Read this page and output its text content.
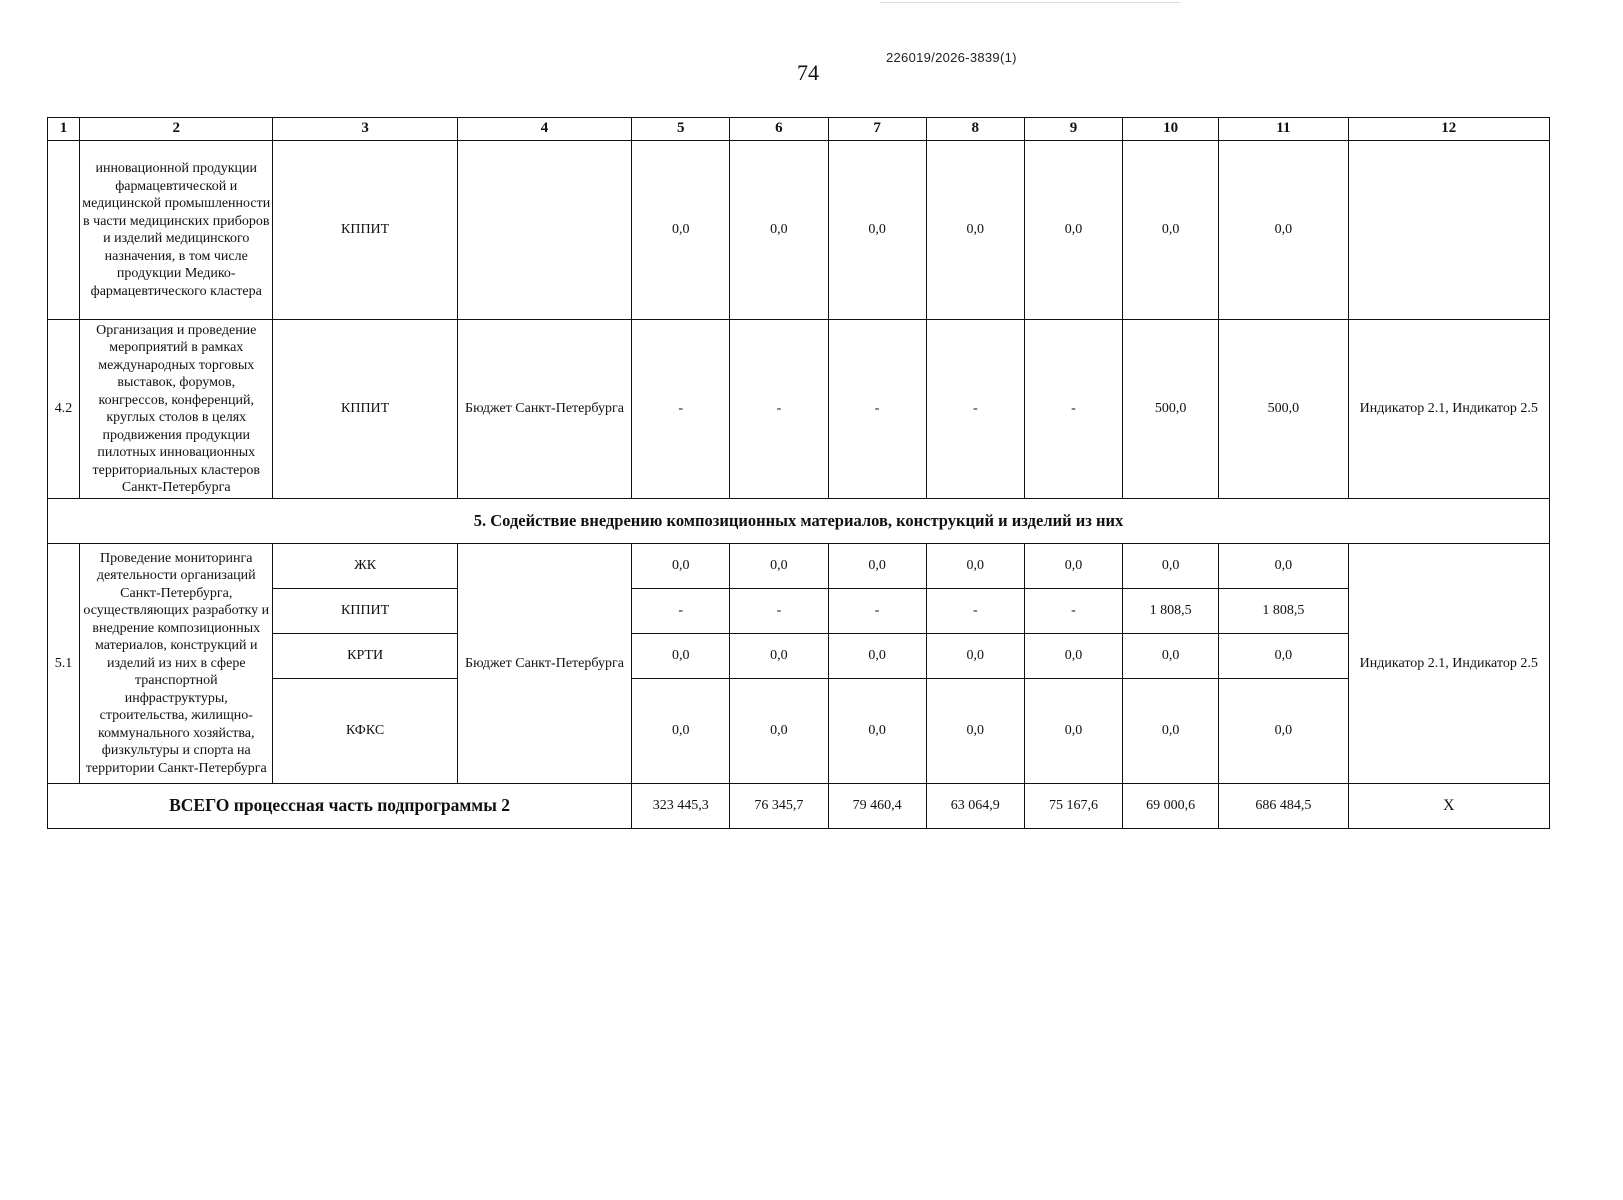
74
226019/2026-3839(1)
1	2	3	4	5	6	7	8	9	10	11	12
	инновационной продукции фармацевтической и медицинской промышленности в части медицинских приборов и изделий медицинского назначения, в том числе продукции Медико-фармацевтического кластера	КППИТ		0,0	0,0	0,0	0,0	0,0	0,0	0,0	
4.2	Организация и проведение мероприятий в рамках международных торговых выставок, форумов, конгрессов, конференций, круглых столов в целях продвижения продукции пилотных инновационных территориальных кластеров Санкт-Петербурга	КППИТ	Бюджет Санкт-Петербурга	-	-	-	-	-	500,0	500,0	Индикатор 2.1, Индикатор 2.5
5. Содействие внедрению композиционных материалов, конструкций и изделий из них											
5.1	Проведение мониторинга деятельности организаций Санкт-Петербурга, осуществляющих разработку и внедрение композиционных материалов, конструкций и изделий из них в сфере транспортной инфраструктуры, строительства, жилищно-коммунального хозяйства, физкультуры и спорта на территории Санкт-Петербурга	ЖК	Бюджет Санкт-Петербурга	0,0	0,0	0,0	0,0	0,0	0,0	0,0	Индикатор 2.1, Индикатор 2.5
		КППИТ		-	-	-	-	-	1 808,5	1 808,5	
		КРТИ		0,0	0,0	0,0	0,0	0,0	0,0	0,0	
		КФКС		0,0	0,0	0,0	0,0	0,0	0,0	0,0	
ВСЕГО процессная часть подпрограммы 2				323 445,3	76 345,7	79 460,4	63 064,9	75 167,6	69 000,6	686 484,5	Х
